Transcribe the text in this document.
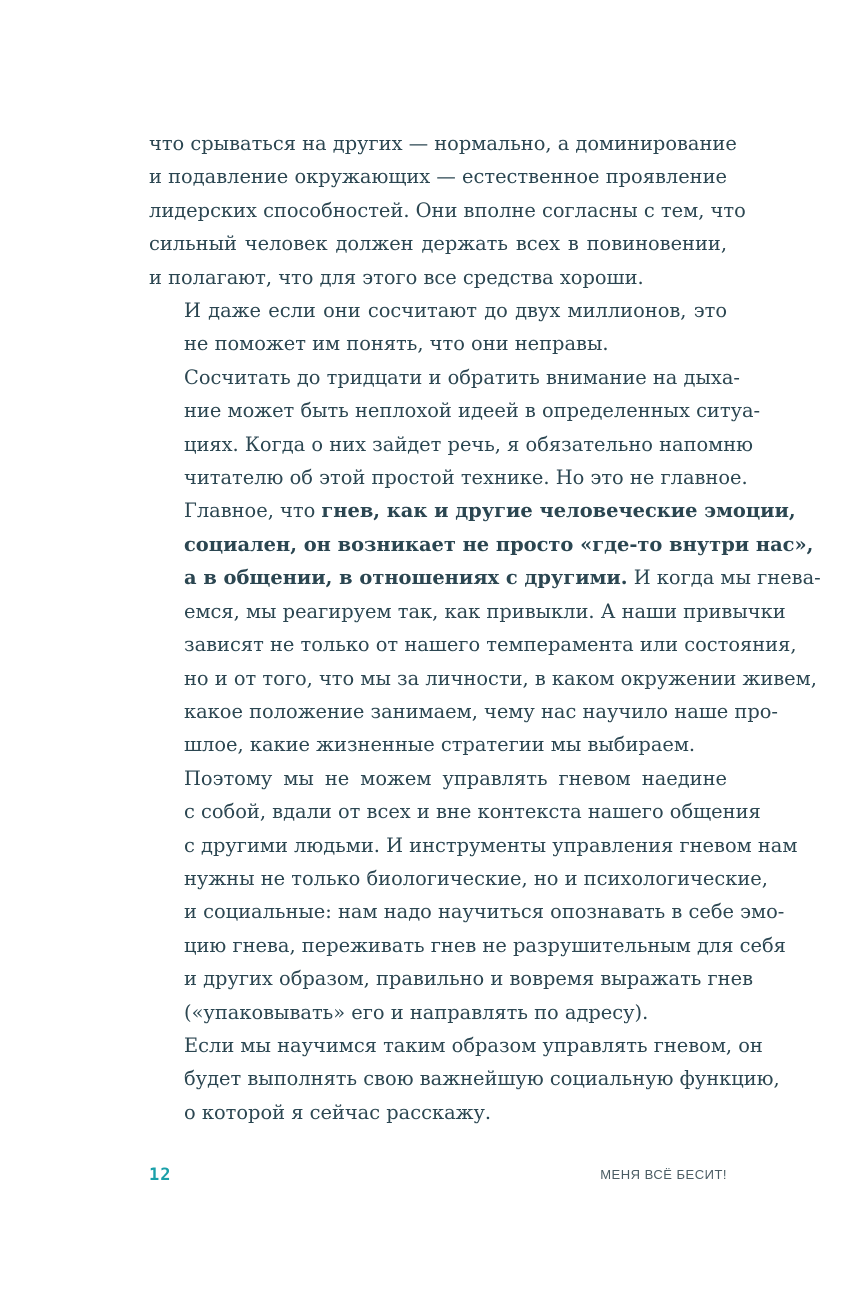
что срываться на других — нормально, а доминирование
и подавление окружающих — естественное проявление
лидерских способностей. Они вполне согласны с тем, что
сильный человек должен держать всех в повиновении,
и полагают, что для этого все средства хороши.

И даже если они сосчитают до двух миллионов, это
не поможет им понять, что они неправы.

Сосчитать до тридцати и обратить внимание на дыха-
ние может быть неплохой идеей в определенных ситуа-
циях. Когда о них зайдет речь, я обязательно напомню
читателю об этой простой технике. Но это не главное.
Главное, что гнев, как и другие человеческие эмоции,
социален, он возникает не просто «где-то внутри нас»,
а в общении, в отношениях с другими. И когда мы гнева-
емся, мы реагируем так, как привыкли. А наши привычки
зависят не только от нашего темперамента или состояния,
но и от того, что мы за личности, в каком окружении живем,
какое положение занимаем, чему нас научило наше про-
шлое, какие жизненные стратегии мы выбираем.

Поэтому мы не можем управлять гневом наедине
с собой, вдали от всех и вне контекста нашего общения
с другими людьми. И инструменты управления гневом нам
нужны не только биологические, но и психологические,
и социальные: нам надо научиться опознавать в себе эмо-
цию гнева, переживать гнев не разрушительным для себя
и других образом, правильно и вовремя выражать гнев
(«упаковывать» его и направлять по адресу).

Если мы научимся таким образом управлять гневом, он
будет выполнять свою важнейшую социальную функцию,
о которой я сейчас расскажу.

12	МЕНЯ ВСЁ БЕСИТ!
